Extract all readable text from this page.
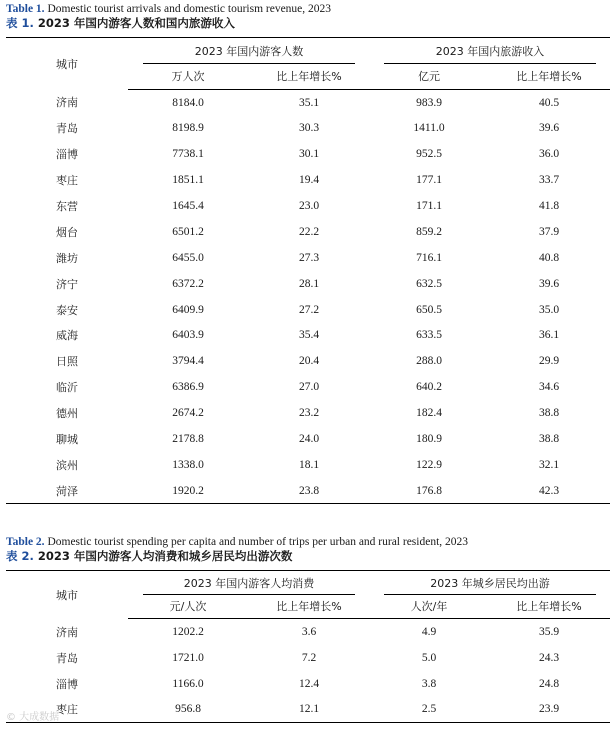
Table 1. Domestic tourist arrivals and domestic tourism revenue, 2023
表 1. 2023 年国内游客人数和国内旅游收入
城市	2023 年国内游客人数		2023 年国内旅游收入	
	万人次	比上年增长%	亿元	比上年增长%
济南	8184.0	35.1	983.9	40.5
青岛	8198.9	30.3	1411.0	39.6
淄博	7738.1	30.1	952.5	36.0
枣庄	1851.1	19.4	177.1	33.7
东营	1645.4	23.0	171.1	41.8
烟台	6501.2	22.2	859.2	37.9
潍坊	6455.0	27.3	716.1	40.8
济宁	6372.2	28.1	632.5	39.6
泰安	6409.9	27.2	650.5	35.0
威海	6403.9	35.4	633.5	36.1
日照	3794.4	20.4	288.0	29.9
临沂	6386.9	27.0	640.2	34.6
德州	2674.2	23.2	182.4	38.8
聊城	2178.8	24.0	180.9	38.8
滨州	1338.0	18.1	122.9	32.1
菏泽	1920.2	23.8	176.8	42.3
Table 2. Domestic tourist spending per capita and number of trips per urban and rural resident, 2023
表 2. 2023 年国内游客人均消费和城乡居民均出游次数
城市	2023 年国内游客人均消费		2023 年城乡居民均出游	
	元/人次	比上年增长%	人次/年	比上年增长%
济南	1202.2	3.6	4.9	35.9
青岛	1721.0	7.2	5.0	24.3
淄博	1166.0	12.4	3.8	24.8
枣庄	956.8	12.1	2.5	23.9
© 大成数据
